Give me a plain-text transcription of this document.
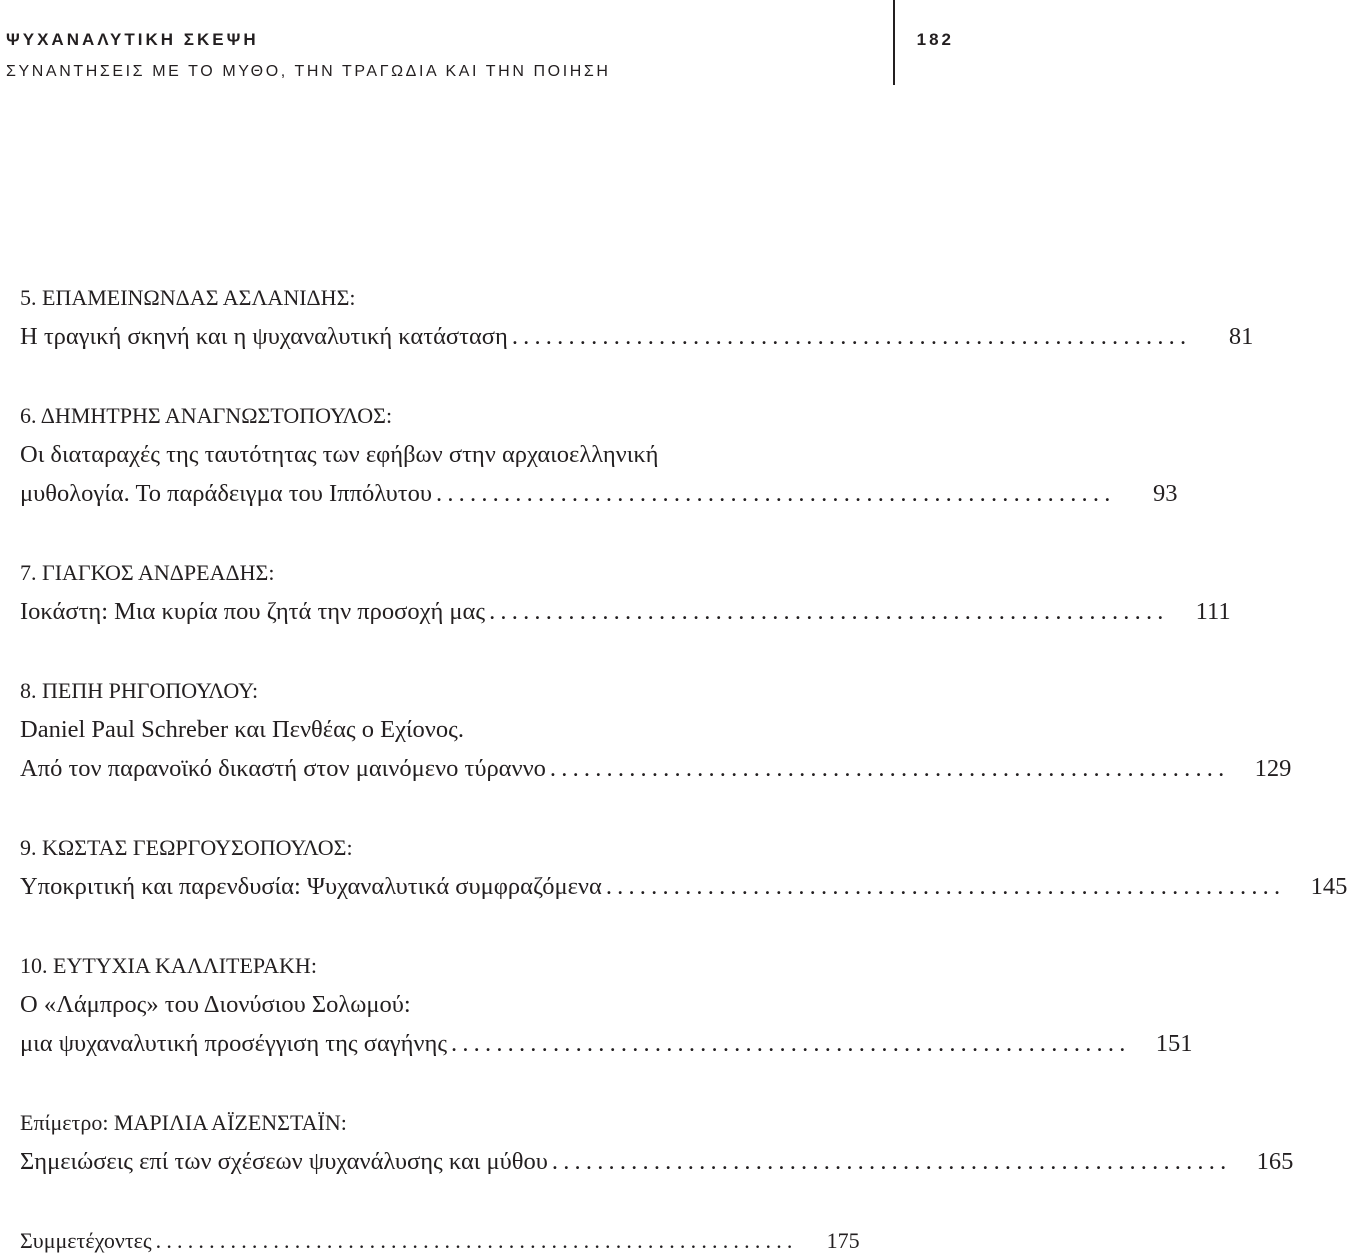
ΨΥΧΑΝΑΛΥΤΙΚΗ ΣΚΕΨΗ
ΣΥΝΑΝΤΗΣΕΙΣ ΜΕ ΤΟ ΜΥΘΟ, ΤΗΝ ΤΡΑΓΩΔΙΑ ΚΑΙ ΤΗΝ ΠΟΙΗΣΗ
182
5. ΕΠΑΜΕΙΝΩΝΔΑΣ ΑΣΛΑΝΙΔΗΣ:
Η τραγική σκηνή και η ψυχαναλυτική κατάσταση ............................................................	81
6. ΔΗΜΗΤΡΗΣ ΑΝΑΓΝΩΣΤΟΠΟΥΛΟΣ:
Οι διαταραχές της ταυτότητας των εφήβων στην αρχαιοελληνική
μυθολογία. Το παράδειγμα του Ιππόλυτου ............................................................	93
7. ΓΙΑΓΚΟΣ ΑΝΔΡΕΑΔΗΣ:
Ιοκάστη: Μια κυρία που ζητά την προσοχή μας ............................................................	111
8. ΠΕΠΗ ΡΗΓΟΠΟΥΛΟΥ:
Daniel Paul Schreber και Πενθέας ο Εχίονος.
Από τον παρανοϊκό δικαστή στον μαινόμενο τύραννο ............................................................	129
9. ΚΩΣΤΑΣ ΓΕΩΡΓΟΥΣΟΠΟΥΛΟΣ:
Υποκριτική και παρενδυσία: Ψυχαναλυτικά συμφραζόμενα ............................................................	145
10. ΕΥΤΥΧΙΑ ΚΑΛΛΙΤΕΡΑΚΗ:
Ο «Λάμπρος» του Διονύσιου Σολωμού:
μια ψυχαναλυτική προσέγγιση της σαγήνης ............................................................	151
Επίμετρο: ΜΑΡΙΛΙΑ ΑΪΖΕΝΣΤΑΪΝ:
Σημειώσεις επί των σχέσεων ψυχανάλυσης και μύθου ............................................................	165
Συμμετέχοντες ............................................................	175
